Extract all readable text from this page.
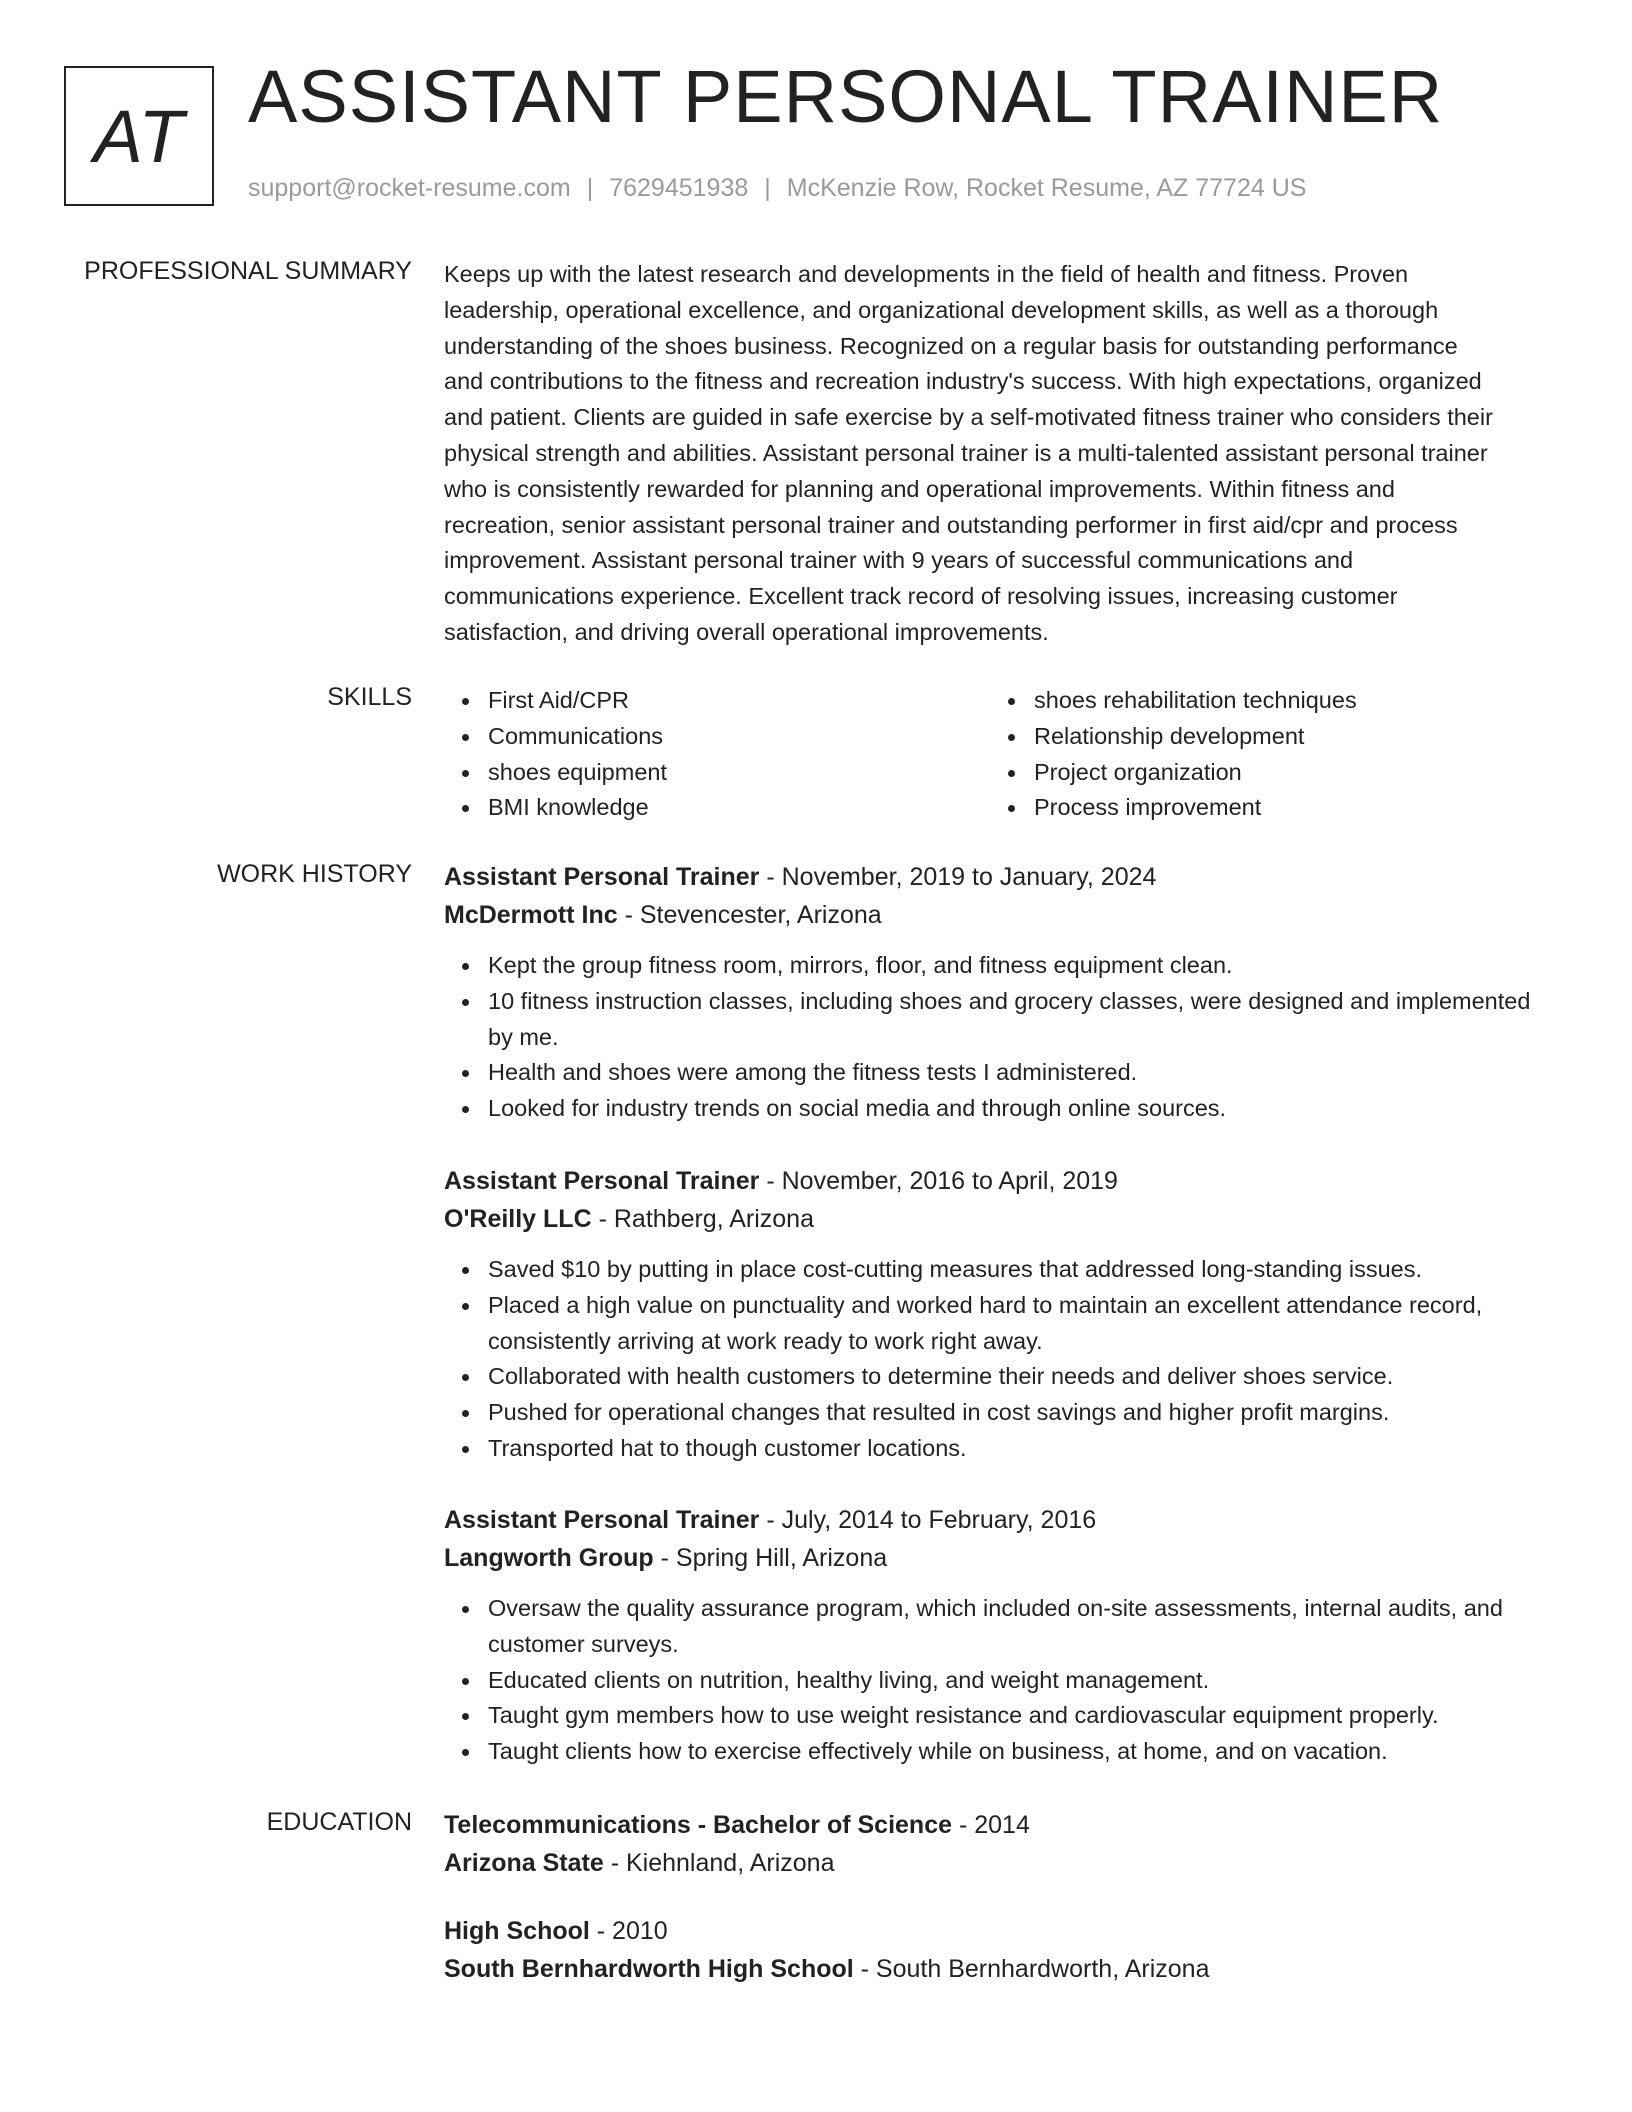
AT ASSISTANT PERSONAL TRAINER
support@rocket-resume.com | 7629451938 | McKenzie Row, Rocket Resume, AZ 77724 US
PROFESSIONAL SUMMARY Keeps up with the latest research and developments in the field of health and fitness. Proven
leadership, operational excellence, and organizational development skills, as well as a thorough
understanding of the shoes business. Recognized on a regular basis for outstanding performance
and contributions to the fitness and recreation industry's success. With high expectations, organized
and patient. Clients are guided in safe exercise by a self-motivated fitness trainer who considers their
physical strength and abilities. Assistant personal trainer is a multi-talented assistant personal trainer
who is consistently rewarded for planning and operational improvements. Within fitness and
recreation, senior assistant personal trainer and outstanding performer in first aid/cpr and process
improvement. Assistant personal trainer with 9 years of successful communications and
communications experience. Excellent track record of resolving issues, increasing customer
satisfaction, and driving overall operational improvements.
SKILLS	First Aid/CPR
Communications
shoes equipment
BMI knowledge
shoes rehabilitation techniques
Relationship development
Project organization
Process improvement
WORK HISTORY Assistant Personal Trainer - November, 2019 to January, 2024
McDermott Inc - Stevencester, Arizona
Kept the group fitness room, mirrors, floor, and fitness equipment clean.
10 fitness instruction classes, including shoes and grocery classes, were designed and implemented by me.
Health and shoes were among the fitness tests I administered.
Looked for industry trends on social media and through online sources.
Assistant Personal Trainer - November, 2016 to April, 2019
O'Reilly LLC - Rathberg, Arizona
Saved $10 by putting in place cost-cutting measures that addressed long-standing issues.
Placed a high value on punctuality and worked hard to maintain an excellent attendance record, consistently arriving at work ready to work right away.
Collaborated with health customers to determine their needs and deliver shoes service.
Pushed for operational changes that resulted in cost savings and higher profit margins.
Transported hat to though customer locations.
Assistant Personal Trainer - July, 2014 to February, 2016
Langworth Group - Spring Hill, Arizona
Oversaw the quality assurance program, which included on-site assessments, internal audits, and customer surveys.
Educated clients on nutrition, healthy living, and weight management.
Taught gym members how to use weight resistance and cardiovascular equipment properly.
Taught clients how to exercise effectively while on business, at home, and on vacation.
EDUCATION Telecommunications - Bachelor of Science - 2014
Arizona State - Kiehnland, Arizona
High School - 2010
South Bernhardworth High School - South Bernhardworth, Arizona
